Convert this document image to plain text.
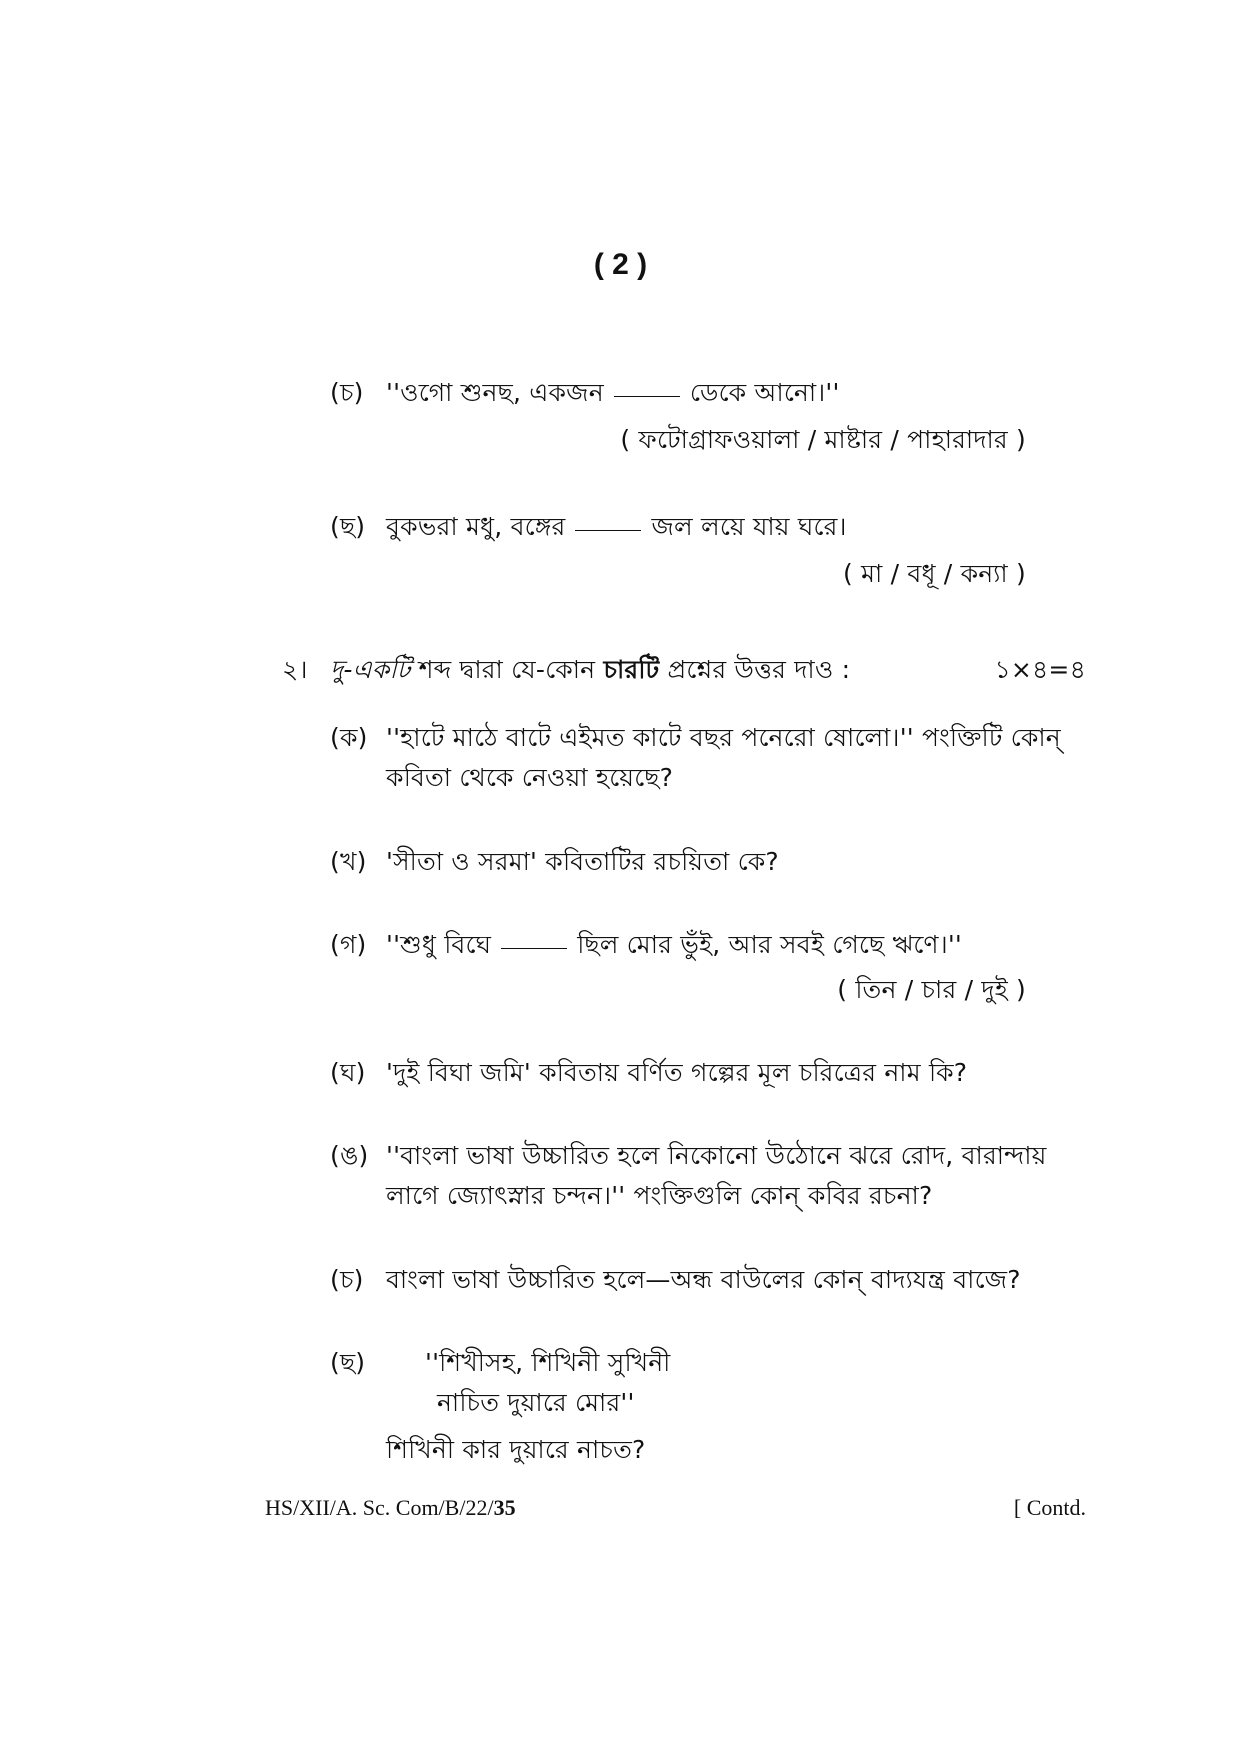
( 2 )
(চ) ''ওগো শুনছ, একজন	ডেকে আনো।''
( ফটোগ্রাফওয়ালা / মাষ্টার / পাহারাদার )
(ছ) বুকভরা মধু, বঙ্গের	জল লয়ে যায় ঘরে।
( মা / বধূ / কন্যা )
২। দু-একটি শব্দ দ্বারা যে-কোন চারটি প্রশ্নের উত্তর দাও :	১×৪=৪
(ক) ''হাটে মাঠে বাটে এইমত কাটে বছর পনেরো ষোলো।'' পংক্তিটি কোন্
কবিতা থেকে নেওয়া হয়েছে?
(খ) 'সীতা ও সরমা' কবিতাটির রচয়িতা কে?
(গ) ''শুধু বিঘে	ছিল মোর ভুঁই, আর সবই গেছে ঋণে।''
( তিন / চার / দুই )
(ঘ) 'দুই বিঘা জমি' কবিতায় বর্ণিত গল্পের মূল চরিত্রের নাম কি?
(ঙ) ''বাংলা ভাষা উচ্চারিত হলে নিকোনো উঠোনে ঝরে রোদ, বারান্দায়
লাগে জ্যোৎস্নার চন্দন।'' পংক্তিগুলি কোন্ কবির রচনা?
(চ) বাংলা ভাষা উচ্চারিত হলে—অন্ধ বাউলের কোন্ বাদ্যযন্ত্র বাজে?
(ছ)	''শিখীসহ, শিখিনী সুখিনী
নাচিত দুয়ারে মোর''
শিখিনী কার দুয়ারে নাচত?
HS/XII/A. Sc. Com/B/22/35	[ Contd.
